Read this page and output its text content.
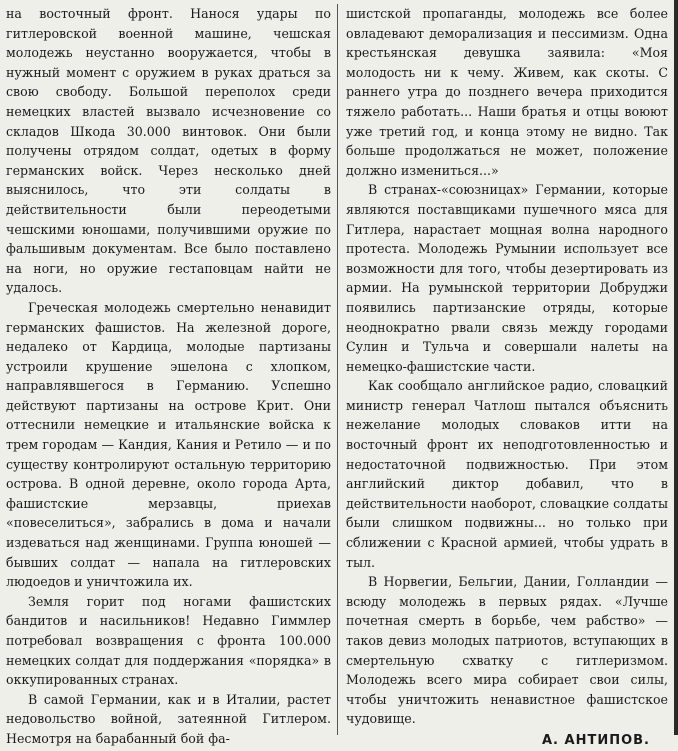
на восточный фронт. Нанося удары по гитлеровской военной машине, чешская молодежь неустанно вооружается, чтобы в нужный момент с оружием в руках драться за свою свободу. Большой переполох среди немецких властей вызвало исчезновение со складов Шкода 30.000 винтовок. Они были получены отрядом солдат, одетых в форму германских войск. Через несколько дней выяснилось, что эти солдаты в действительности были переодетыми чешскими юношами, получившими оружие по фальшивым документам. Все было поставлено на ноги, но оружие гестаповцам найти не удалось.

Греческая молодежь смертельно ненавидит германских фашистов. На железной дороге, недалеко от Кардица, молодые партизаны устроили крушение эшелона с хлопком, направлявшегося в Германию. Успешно действуют партизаны на острове Крит. Они оттеснили немецкие и итальянские войска к трем городам — Кандия, Кания и Ретило — и по существу контролируют остальную территорию острова. В одной деревне, около города Арта, фашистские мерзавцы, приехав «повеселиться», забрались в дома и начали издеваться над женщинами. Группа юношей — бывших солдат — напала на гитлеровских людоедов и уничтожила их.

Земля горит под ногами фашистских бандитов и насильников! Недавно Гиммлер потребовал возвращения с фронта 100.000 немецких солдат для поддержания «порядка» в оккупированных странах.

В самой Германии, как и в Италии, растет недовольство войной, затеянной Гитлером. Несмотря на барабанный бой фа-

шистской пропаганды, молодежь все более овладевают деморализация и пессимизм. Одна крестьянская девушка заявила: «Моя молодость ни к чему. Живем, как скоты. С раннего утра до позднего вечера приходится тяжело работать... Наши братья и отцы воюют уже третий год, и конца этому не видно. Так больше продолжаться не может, положение должно измениться...»

В странах-«союзницах» Германии, которые являются поставщиками пушечного мяса для Гитлера, нарастает мощная волна народного протеста. Молодежь Румынии использует все возможности для того, чтобы дезертировать из армии. На румынской территории Добруджи появились партизанские отряды, которые неоднократно рвали связь между городами Сулин и Тульча и совершали налеты на немецко-фашистские части.

Как сообщало английское радио, словацкий министр генерал Чатлош пытался объяснить нежелание молодых словаков итти на восточный фронт их неподготовленностью и недостаточной подвижностью. При этом английский диктор добавил, что в действительности наоборот, словацкие солдаты были слишком подвижны... но только при сближении с Красной армией, чтобы удрать в тыл.

В Норвегии, Бельгии, Дании, Голландии — всюду молодежь в первых рядах. «Лучше почетная смерть в борьбе, чем рабство» — таков девиз молодых патриотов, вступающих в смертельную схватку с гитлеризмом. Молодежь всего мира собирает свои силы, чтобы уничтожить ненавистное фашистское чудовище.

А. АНТИПОВ.
